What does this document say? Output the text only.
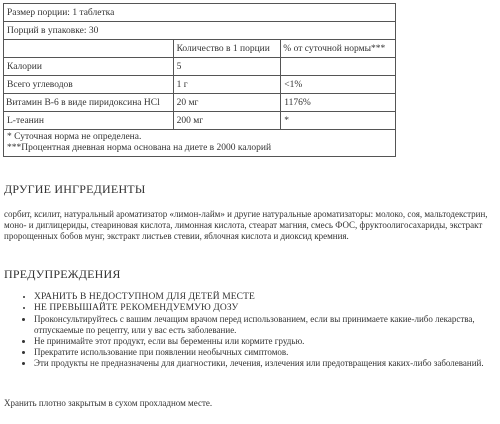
Размер порции: 1 таблетка		
Порций в упаковке: 30		
	Количество в 1 порции	% от суточной нормы***
Калории	5	
Всего углеводов	1 г	<1%
Витамин B-6 в виде пиридоксина HCl	20 мг	1176%
L-теанин	200 мг	*

* Суточная норма не определена.
***Процентная дневная норма основана на диете в 2000 калорий		
ДРУГИЕ ИНГРЕДИЕНТЫ

сорбит, ксилит, натуральный ароматизатор «лимон-лайм» и другие натуральные ароматизаторы: молоко, соя, мальтодекстрин, моно- и диглицериды, стеариновая кислота, лимонная кислота, стеарат магния, смесь ФОС, фруктоолигосахариды, экстракт пророщенных бобов мунг, экстракт листьев стевии, яблочная кислота и диоксид кремния.

ПРЕДУПРЕЖДЕНИЯ
• ХРАНИТЬ В НЕДОСТУПНОМ ДЛЯ ДЕТЕЙ МЕСТЕ
• НЕ ПРЕВЫШАЙТЕ РЕКОМЕНДУЕМУЮ ДОЗУ
• Проконсультируйтесь с вашим лечащим врачом перед использованием, если вы принимаете какие-либо лекарства, отпускаемые по рецепту, или у вас есть заболевание.
• Не принимайте этот продукт, если вы беременны или кормите грудью.
• Прекратите использование при появлении необычных симптомов.
• Эти продукты не предназначены для диагностики, лечения, излечения или предотвращения каких-либо заболеваний.

Хранить плотно закрытым в сухом прохладном месте.
